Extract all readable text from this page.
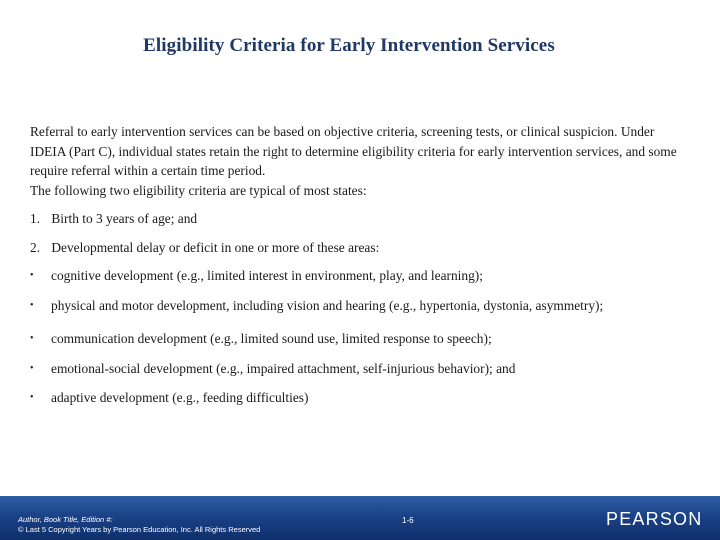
Eligibility Criteria for Early Intervention Services

Referral to early intervention services can be based on objective criteria, screening tests, or clinical suspicion. Under IDEIA (Part C), individual states retain the right to determine eligibility criteria for early intervention services, and some require referral within a certain time period.

The following two eligibility criteria are typical of most states:

1. Birth to 3 years of age; and
2. Developmental delay or deficit in one or more of these areas:
•	cognitive development (e.g., limited interest in environment, play, and learning);
•	physical and motor development, including vision and hearing (e.g., hypertonia, dystonia, asymmetry);
•	communication development (e.g., limited sound use, limited response to speech);
•	emotional-social development (e.g., impaired attachment, self-injurious behavior); and
•	adaptive development (e.g., feeding difficulties)
Author, Book Title, Edition #:
© Last 5 Copyright Years by Pearson Education, Inc. All Rights Reserved
1-6	PEARSON
